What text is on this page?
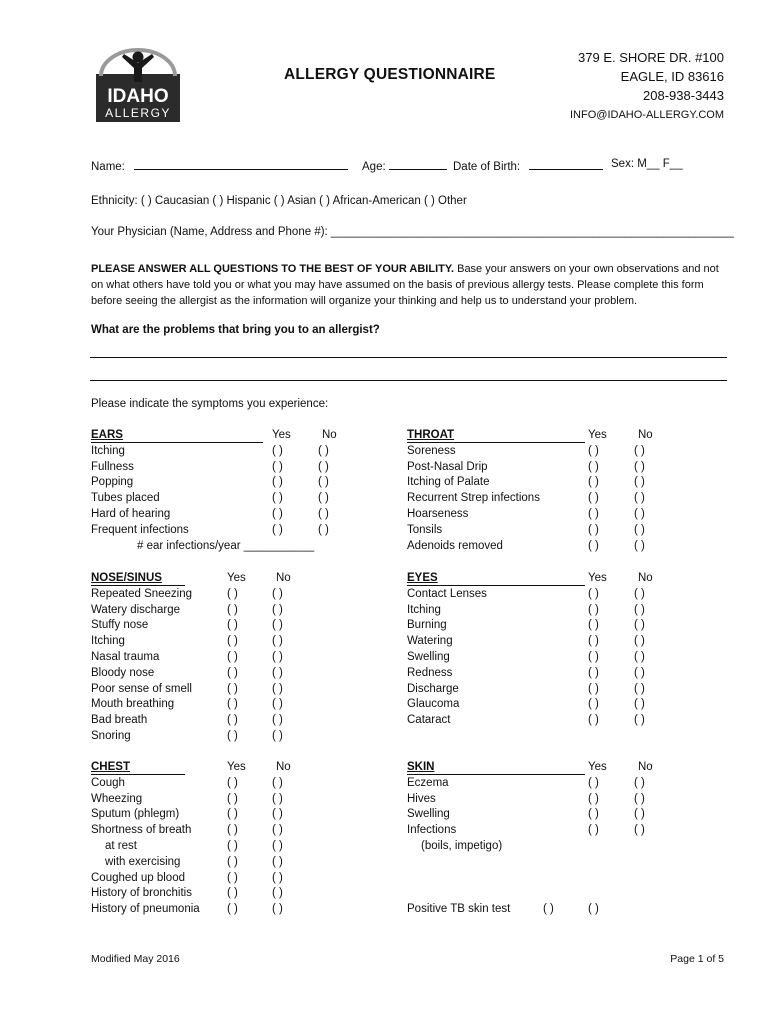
IDAHO
ALLERGY
ALLERGY QUESTIONNAIRE
379 E. SHORE DR. #100
EAGLE, ID 83616
208-938-3443
INFO@IDAHO-ALLERGY.COM
Name:	Age:	Date of Birth:	Sex: M__ F__
Ethnicity: ( ) Caucasian ( ) Hispanic ( ) Asian ( ) African-American ( ) Other
Your Physician (Name, Address and Phone #): _______________________________________________________________
PLEASE ANSWER ALL QUESTIONS TO THE BEST OF YOUR ABILITY. Base your answers on your own observations and not on what others have told you or what you may have assumed on the basis of previous allergy tests. Please complete this form before seeing the allergist as the information will organize your thinking and help us to understand your problem.
What are the problems that bring you to an allergist?
Please indicate the symptoms you experience:
EARS	Yes	No
Itching	( )	( )
Fullness	( )	( )
Popping	( )	( )
Tubes placed	( )	( )
Hard of hearing	( )	( )
Frequent infections	( )	( )
# ear infections/year ___________
THROAT	Yes	No
Soreness	( )	( )
Post-Nasal Drip	( )	( )
Itching of Palate	( )	( )
Recurrent Strep infections	( )	( )
Hoarseness	( )	( )
Tonsils	( )	( )
Adenoids removed	( )	( )
NOSE/SINUS	Yes	No
Repeated Sneezing	( )	( )
Watery discharge	( )	( )
Stuffy nose	( )	( )
Itching	( )	( )
Nasal trauma	( )	( )
Bloody nose	( )	( )
Poor sense of smell	( )	( )
Mouth breathing	( )	( )
Bad breath	( )	( )
Snoring	( )	( )
EYES	Yes	No
Contact Lenses	( )	( )
Itching	( )	( )
Burning	( )	( )
Watering	( )	( )
Swelling	( )	( )
Redness	( )	( )
Discharge	( )	( )
Glaucoma	( )	( )
Cataract	( )	( )
CHEST	Yes	No
Cough	( )	( )
Wheezing	( )	( )
Sputum (phlegm)	( )	( )
Shortness of breath	( )	( )
at rest	( )	( )
with exercising	( )	( )
Coughed up blood	( )	( )
History of bronchitis	( )	( )
History of pneumonia ( )	( )
SKIN	Yes	No
Eczema	( )	( )
Hives	( )	( )
Swelling	( )	( )
Infections	( )	( )
(boils, impetigo)
Positive TB skin test	( )	( )
Modified May 2016	Page 1 of 5
